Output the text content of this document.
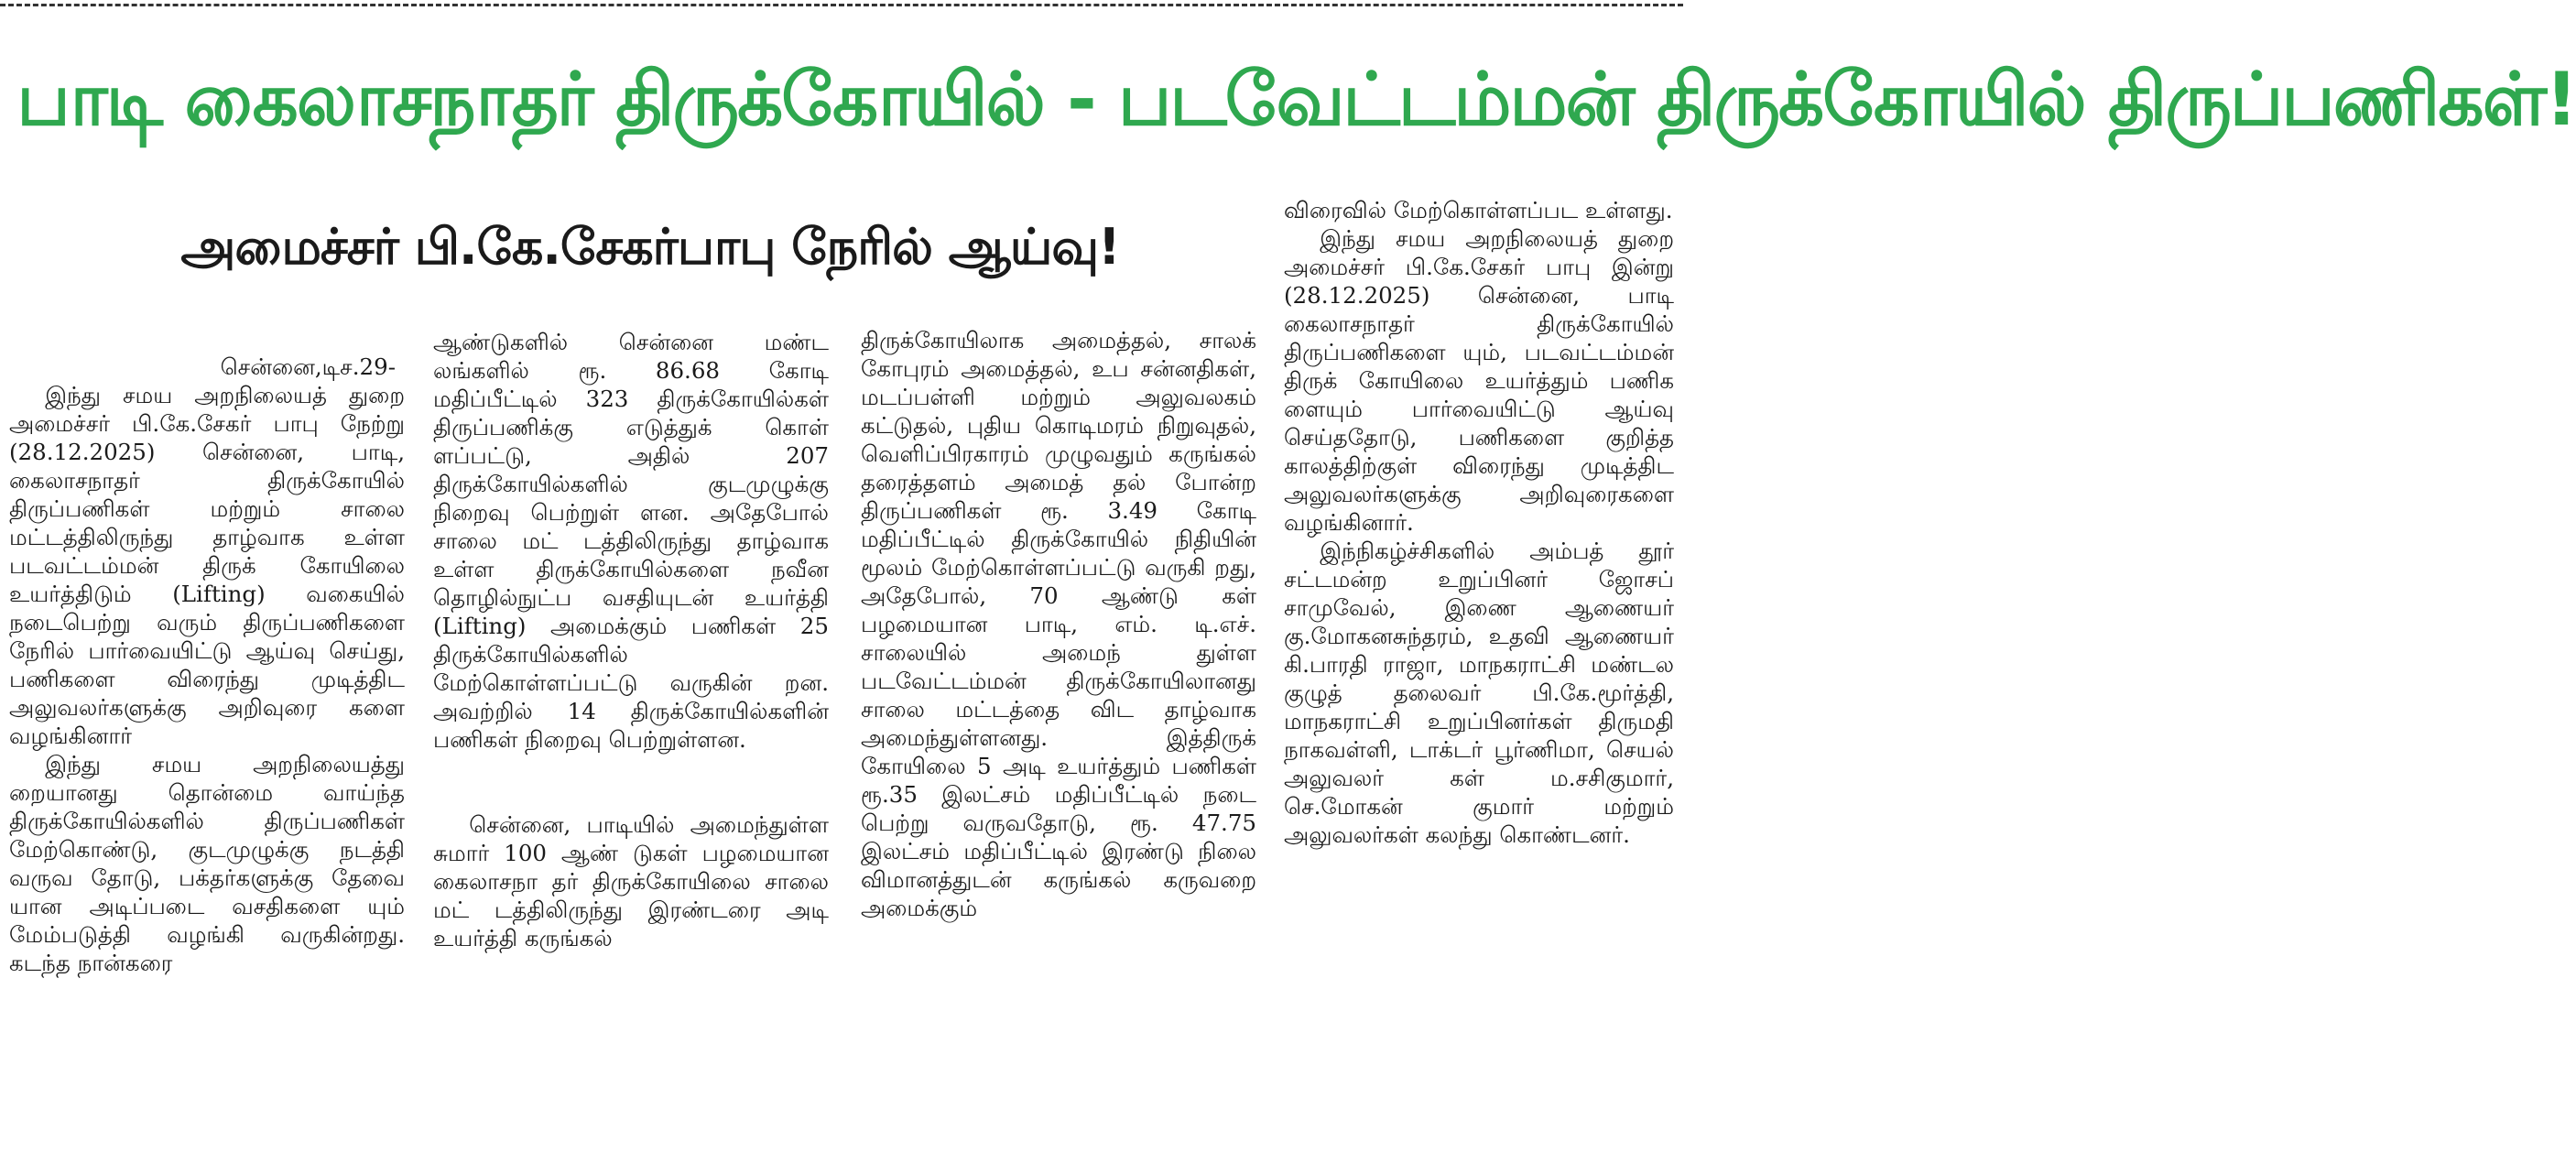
பாடி கைலாசநாதர் திருக்கோயில் - படவேட்டம்மன் திருக்கோயில் திருப்பணிகள்!
அமைச்சர் பி.கே.சேகர்பாபு நேரில் ஆய்வு!

சென்னை,டிச.29-

இந்து சமய அறநிலையத் துறை அமைச்சர் பி.கே.சேகர் பாபு நேற்று (28.12.2025) சென்னை, பாடி, கைலாசநாதர் திருக்கோயில் திருப்பணிகள் மற்றும் சாலை மட்டத்திலிருந்து தாழ்வாக உள்ள படவட்டம்மன் திருக் கோயிலை உயர்த்திடும் (Lifting) வகையில் நடைபெற்று வரும் திருப்பணிகளை நேரில் பார்வையிட்டு ஆய்வு செய்து, பணிகளை விரைந்து முடித்திட அலுவலர்களுக்கு அறிவுரை களை வழங்கினார்

இந்து சமய அறநிலையத்து றையானது தொன்மை வாய்ந்த திருக்கோயில்களில் திருப்பணிகள் மேற்கொண்டு, குடமுழுக்கு நடத்தி வருவ தோடு, பக்தர்களுக்கு தேவை யான அடிப்படை வசதிகளை யும் மேம்படுத்தி வழங்கி வருகின்றது. கடந்த நான்கரை

ஆண்டுகளில் சென்னை மண்ட லங்களில் ரூ. 86.68 கோடி மதிப்பீட்டில் 323 திருக்கோயில்கள் திருப்பணிக்கு எடுத்துக் கொள் ளப்பட்டு, அதில் 207 திருக்கோயில்களில் குடமுழுக்கு நிறைவு பெற்றுள் ளன. அதேபோல் சாலை மட் டத்திலிருந்து தாழ்வாக உள்ள திருக்கோயில்களை நவீன தொழில்நுட்ப வசதியுடன் உயர்த்தி (Lifting) அமைக்கும் பணிகள் 25 திருக்கோயில்களில் மேற்கொள்ளப்பட்டு வருகின் றன. அவற்றில் 14 திருக்கோயில்களின் பணிகள் நிறைவு பெற்றுள்ளன.

சென்னை, பாடியில் அமைந்துள்ள சுமார் 100 ஆண் டுகள் பழமையான கைலாசநா தர் திருக்கோயிலை சாலை மட் டத்திலிருந்து இரண்டரை அடி உயர்த்தி கருங்கல்

திருக்கோயிலாக அமைத்தல், சாலக் கோபுரம் அமைத்தல், உப சன்னதிகள், மடப்பள்ளி மற்றும் அலுவலகம் கட்டுதல், புதிய கொடிமரம் நிறுவுதல், வெளிப்பிரகாரம் முழுவதும் கருங்கல் தரைத்தளம் அமைத் தல் போன்ற திருப்பணிகள் ரூ. 3.49 கோடி மதிப்பீட்டில் திருக்கோயில் நிதியின் மூலம் மேற்கொள்ளப்பட்டு வருகி றது, அதேபோல், 70 ஆண்டு கள் பழமையான பாடி, எம். டி.எச். சாலையில் அமைந் துள்ள படவேட்டம்மன் திருக்கோயிலானது சாலை மட்டத்தை விட தாழ்வாக அமைந்துள்ளனது. இத்திருக் கோயிலை 5 அடி உயர்த்தும் பணிகள் ரூ.35 இலட்சம் மதிப்பீட்டில் நடை பெற்று வருவதோடு, ரூ. 47.75 இலட்சம் மதிப்பீட்டில் இரண்டு நிலை விமானத்துடன் கருங்கல் கருவறை அமைக்கும்

விரைவில் மேற்கொள்ளப்பட உள்ளது.

இந்து சமய அறநிலையத் துறை அமைச்சர் பி.கே.சேகர் பாபு இன்று (28.12.2025) சென்னை, பாடி கைலாசநாதர் திருக்கோயில் திருப்பணிகளை யும், படவட்டம்மன் திருக் கோயிலை உயர்த்தும் பணிக ளையும் பார்வையிட்டு ஆய்வு செய்ததோடு, பணிகளை குறித்த காலத்திற்குள் விரைந்து முடித்திட அலுவலர்களுக்கு அறிவுரைகளை வழங்கினார்.

இந்நிகழ்ச்சிகளில் அம்பத் தூர் சட்டமன்ற உறுப்பினர் ஜோசப் சாமுவேல், இணை ஆணையர் கு.மோகனசுந்தரம், உதவி ஆணையர் கி.பாரதி ராஜா, மாநகராட்சி மண்டல குழுத் தலைவர் பி.கே.மூர்த்தி, மாநகராட்சி உறுப்பினர்கள் திருமதி நாகவள்ளி, டாக்டர் பூர்ணிமா, செயல் அலுவலர் கள் ம.சசிகுமார், செ.மோகன் குமார் மற்றும் அலுவலர்கள் கலந்து கொண்டனர்.
